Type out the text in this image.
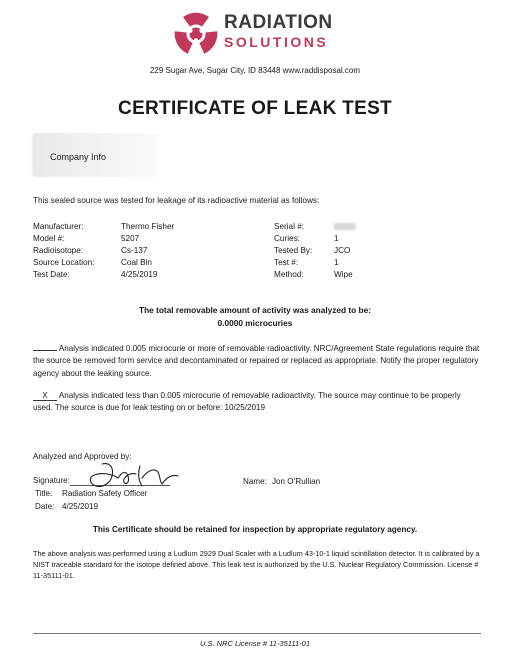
RADIATION
SOLUTIONS
229 Sugar Ave, Sugar City, ID 83448 www.raddisposal.com
CERTIFICATE OF LEAK TEST
Company Info
This sealed source was tested for leakage of its radioactive material as follows:
Manufacturer:	Thermo Fisher
Model #:	5207
Radioisotope:	Cs-137
Source Location:	Coal Bin
Test Date:	4/25/2019
Serial #:
Curies:	1
Tested By:	JCO
Test #:	1
Method:	Wipe
The total removable amount of activity was analyzed to be:
0.0000 microcuries
Analysis indicated 0.005 microcurie or more of removable radioactivity. NRC/Agreement State regulations require that the source be removed form service and decontaminated or repaired or replaced as appropriate. Notify the proper regulatory agency about the leaking source.
X Analysis indicated less than 0.005 microcurie of removable radioactivity. The source may continue to be properly used. The source is due for leak testing on or before: 10/25/2019
Analyzed and Approved by:
Signature:
Title: Radiation Safety Officer
Date: 4/25/2019
Name: Jon O’Rullian
This Certificate should be retained for inspection by appropriate regulatory agency.
The above analysis was performed using a Ludlum 2929 Dual Scaler with a Ludlum 43-10-1 liquid scintillation detector. It is calibrated by a NIST traceable standard for the isotope defined above. This leak test is authorized by the U.S. Nuclear Regulatory Commission. License # 11-35111-01.
U.S. NRC License # 11-35111-01
